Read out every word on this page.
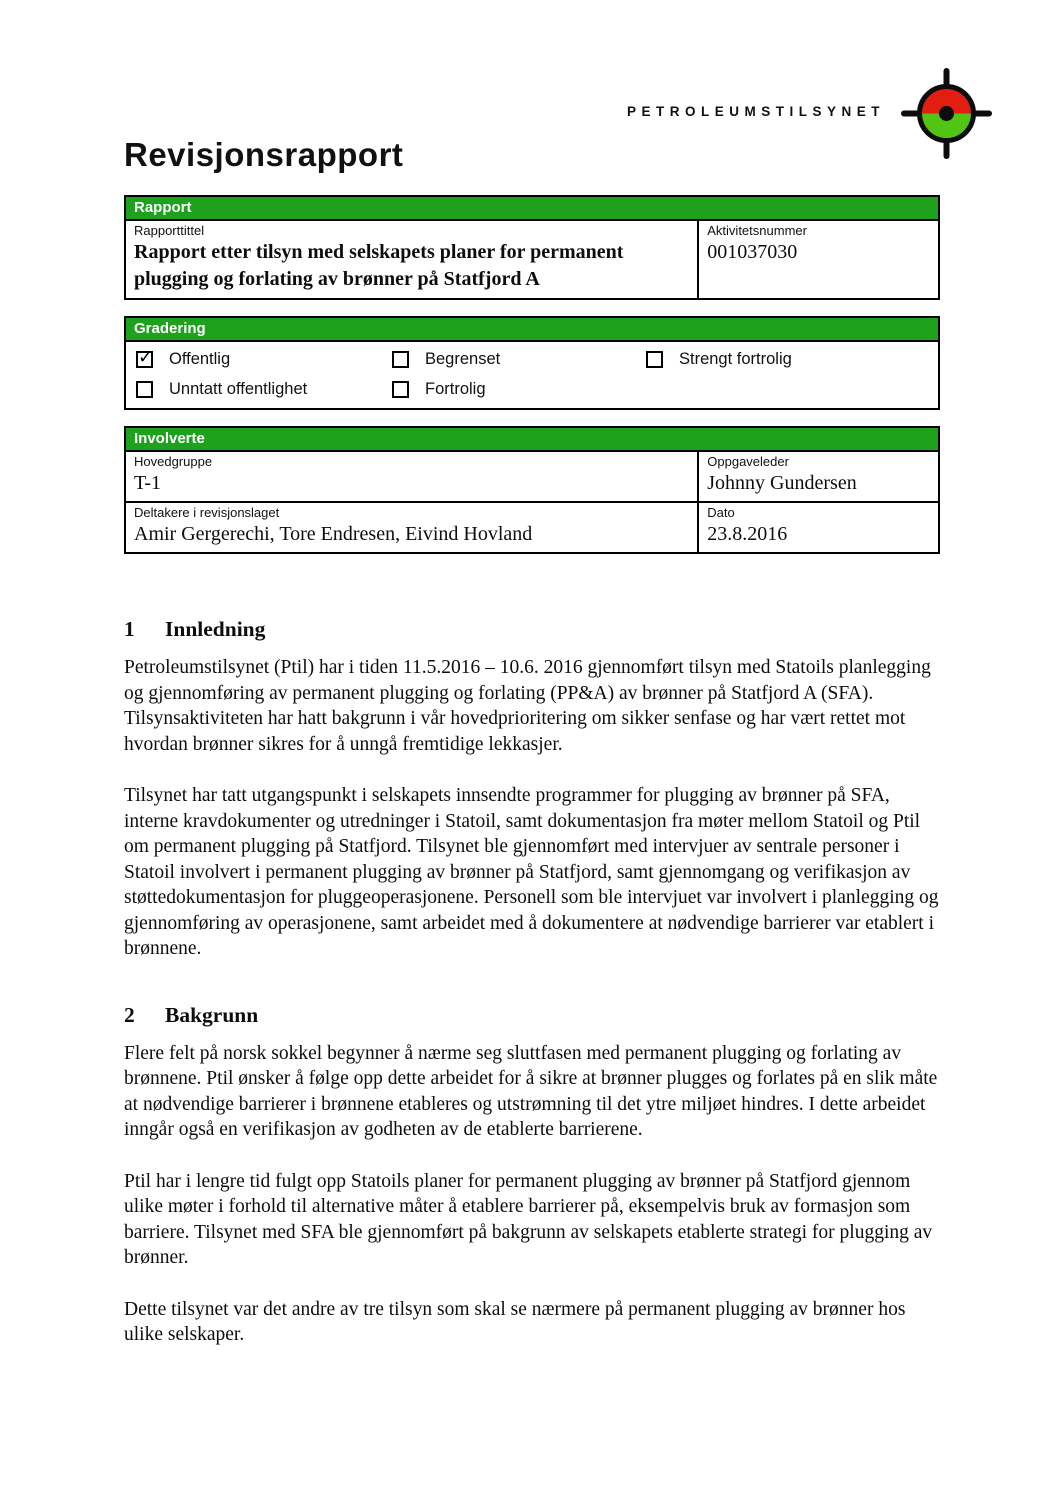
PETROLEUMSTILSYNET
Revisjonsrapport
Rapport
Rapporttittel
Rapport etter tilsyn med selskapets planer for permanent plugging og forlating av brønner på Statfjord A
Aktivitetsnummer
001037030
Gradering
✓
Offentlig	Begrenset	Strengt fortrolig
Unntatt offentlighet	Fortrolig
Involverte
Hovedgruppe
T-1
Oppgaveleder
Johnny Gundersen
Deltakere i revisjonslaget
Amir Gergerechi, Tore Endresen, Eivind Hovland
Dato
23.8.2016
1	Innledning

Petroleumstilsynet (Ptil) har i tiden 11.5.2016 – 10.6. 2016 gjennomført tilsyn med Statoils planlegging og gjennomføring av permanent plugging og forlating (PP&A) av brønner på Statfjord A (SFA). Tilsynsaktiviteten har hatt bakgrunn i vår hovedprioritering om sikker senfase og har vært rettet mot hvordan brønner sikres for å unngå fremtidige lekkasjer.

Tilsynet har tatt utgangspunkt i selskapets innsendte programmer for plugging av brønner på SFA, interne kravdokumenter og utredninger i Statoil, samt dokumentasjon fra møter mellom Statoil og Ptil om permanent plugging på Statfjord. Tilsynet ble gjennomført med intervjuer av sentrale personer i Statoil involvert i permanent plugging av brønner på Statfjord, samt gjennomgang og verifikasjon av støttedokumentasjon for pluggeoperasjonene. Personell som ble intervjuet var involvert i planlegging og gjennomføring av operasjonene, samt arbeidet med å dokumentere at nødvendige barrierer var etablert i brønnene.

2	Bakgrunn

Flere felt på norsk sokkel begynner å nærme seg sluttfasen med permanent plugging og forlating av brønnene. Ptil ønsker å følge opp dette arbeidet for å sikre at brønner plugges og forlates på en slik måte at nødvendige barrierer i brønnene etableres og utstrømning til det ytre miljøet hindres. I dette arbeidet inngår også en verifikasjon av godheten av de etablerte barrierene.

Ptil har i lengre tid fulgt opp Statoils planer for permanent plugging av brønner på Statfjord gjennom ulike møter i forhold til alternative måter å etablere barrierer på, eksempelvis bruk av formasjon som barriere. Tilsynet med SFA ble gjennomført på bakgrunn av selskapets etablerte strategi for plugging av brønner.

Dette tilsynet var det andre av tre tilsyn som skal se nærmere på permanent plugging av brønner hos ulike selskaper.
